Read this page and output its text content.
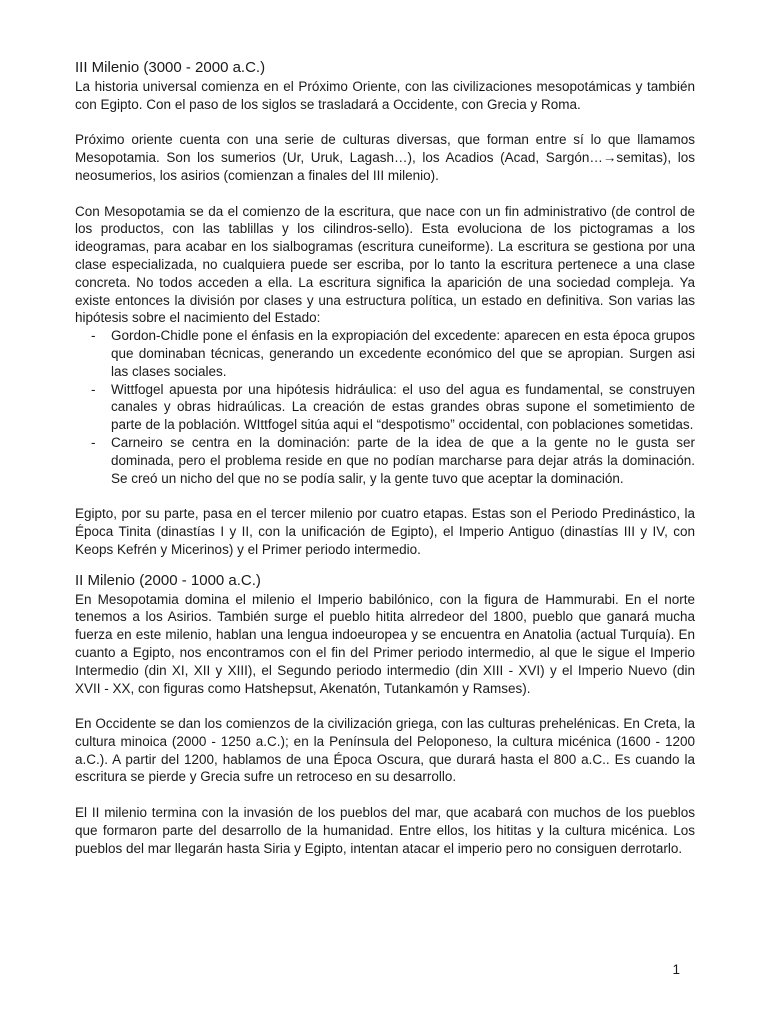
III Milenio (3000 - 2000 a.C.)

La historia universal comienza en el Próximo Oriente, con las civilizaciones mesopotámicas y también con Egipto. Con el paso de los siglos se trasladará a Occidente, con Grecia y Roma.

Próximo oriente cuenta con una serie de culturas diversas, que forman entre sí lo que llamamos Mesopotamia. Son los sumerios (Ur, Uruk, Lagash…), los Acadios (Acad, Sargón…→semitas), los neosumerios, los asirios (comienzan a finales del III milenio).

Con Mesopotamia se da el comienzo de la escritura, que nace con un fin administrativo (de control de los productos, con las tablillas y los cilindros-sello). Esta evoluciona de los pictogramas a los ideogramas, para acabar en los sialbogramas (escritura cuneiforme). La escritura se gestiona por una clase especializada, no cualquiera puede ser escriba, por lo tanto la escritura pertenece a una clase concreta. No todos acceden a ella. La escritura significa la aparición de una sociedad compleja. Ya existe entonces la división por clases y una estructura política, un estado en definitiva. Son varias las hipótesis sobre el nacimiento del Estado:

- Gordon-Chidle pone el énfasis en la expropiación del excedente: aparecen en esta época grupos que dominaban técnicas, generando un excedente económico del que se apropian. Surgen asi las clases sociales.
- Wittfogel apuesta por una hipótesis hidráulica: el uso del agua es fundamental, se construyen canales y obras hidraúlicas. La creación de estas grandes obras supone el sometimiento de parte de la población. WIttfogel sitúa aqui el “despotismo” occidental, con poblaciones sometidas.
- Carneiro se centra en la dominación: parte de la idea de que a la gente no le gusta ser dominada, pero el problema reside en que no podían marcharse para dejar atrás la dominación. Se creó un nicho del que no se podía salir, y la gente tuvo que aceptar la dominación.

Egipto, por su parte, pasa en el tercer milenio por cuatro etapas. Estas son el Periodo Predinástico, la Época Tinita (dinastías I y II, con la unificación de Egipto), el Imperio Antiguo (dinastías III y IV, con Keops Kefrén y Micerinos) y el Primer periodo intermedio.

II Milenio (2000 - 1000 a.C.)

En Mesopotamia domina el milenio el Imperio babilónico, con la figura de Hammurabi. En el norte tenemos a los Asirios. También surge el pueblo hitita alrredeor del 1800, pueblo que ganará mucha fuerza en este milenio, hablan una lengua indoeuropea y se encuentra en Anatolia (actual Turquía). En cuanto a Egipto, nos encontramos con el fin del Primer periodo intermedio, al que le sigue el Imperio Intermedio (din XI, XII y XIII), el Segundo periodo intermedio (din XIII - XVI) y el Imperio Nuevo (din XVII - XX, con figuras como Hatshepsut, Akenatón, Tutankamón y Ramses).

En Occidente se dan los comienzos de la civilización griega, con las culturas prehelénicas. En Creta, la cultura minoica (2000 - 1250 a.C.); en la Península del Peloponeso, la cultura micénica (1600 - 1200 a.C.). A partir del 1200, hablamos de una Época Oscura, que durará hasta el 800 a.C.. Es cuando la escritura se pierde y Grecia sufre un retroceso en su desarrollo.

El II milenio termina con la invasión de los pueblos del mar, que acabará con muchos de los pueblos que formaron parte del desarrollo de la humanidad. Entre ellos, los hititas y la cultura micénica. Los pueblos del mar llegarán hasta Siria y Egipto, intentan atacar el imperio pero no consiguen derrotarlo.

1
